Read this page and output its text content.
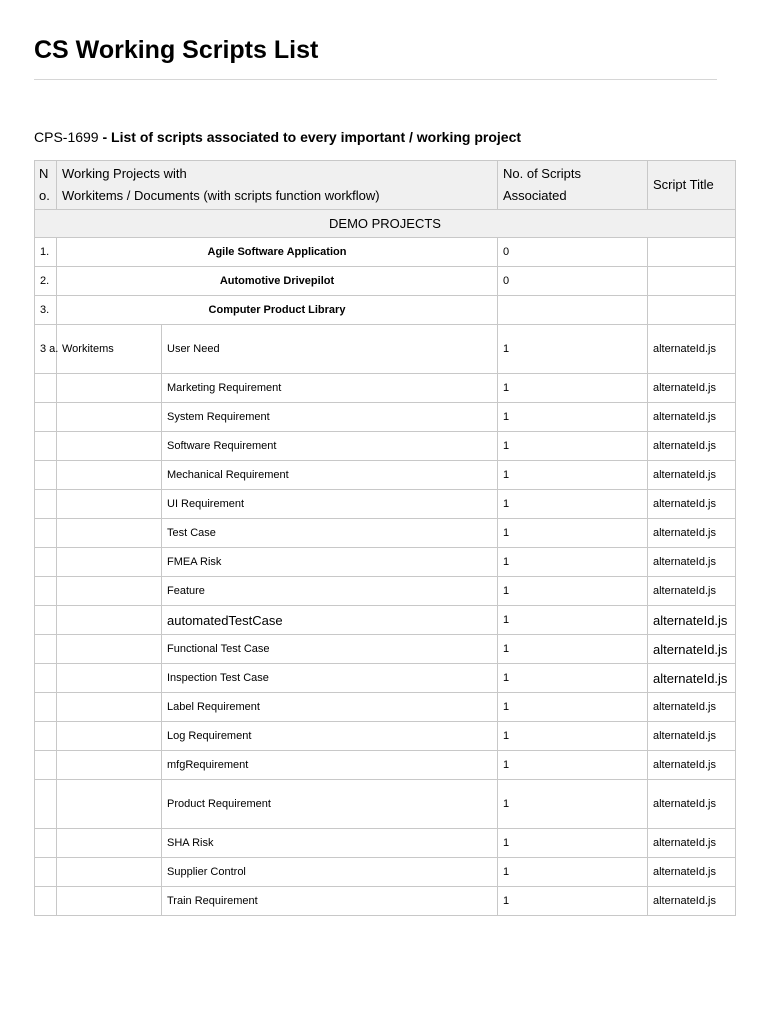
CS Working Scripts List

CPS-1699 - List of scripts associated to every important / working project

N o.	Working Projects with
Workitems / Documents (with scripts function workflow)		No. of Scripts Associated	Script Title
DEMO PROJECTS				
1.	Agile Software Application		0	
2.	Automotive Drivepilot		0	
3.	Computer Product Library			
3 a.	Workitems	User Need	1	alternateId.js
		Marketing Requirement	1	alternateId.js
		System Requirement	1	alternateId.js
		Software Requirement	1	alternateId.js
		Mechanical Requirement	1	alternateId.js
		UI Requirement	1	alternateId.js
		Test Case	1	alternateId.js
		FMEA Risk	1	alternateId.js
		Feature	1	alternateId.js
		automatedTestCase	1	alternateId.js
		Functional Test Case	1	alternateId.js
		Inspection Test Case	1	alternateId.js
		Label Requirement	1	alternateId.js
		Log Requirement	1	alternateId.js
		mfgRequirement	1	alternateId.js
		Product Requirement	1	alternateId.js
		SHA Risk	1	alternateId.js
		Supplier Control	1	alternateId.js
		Train Requirement	1	alternateId.js
